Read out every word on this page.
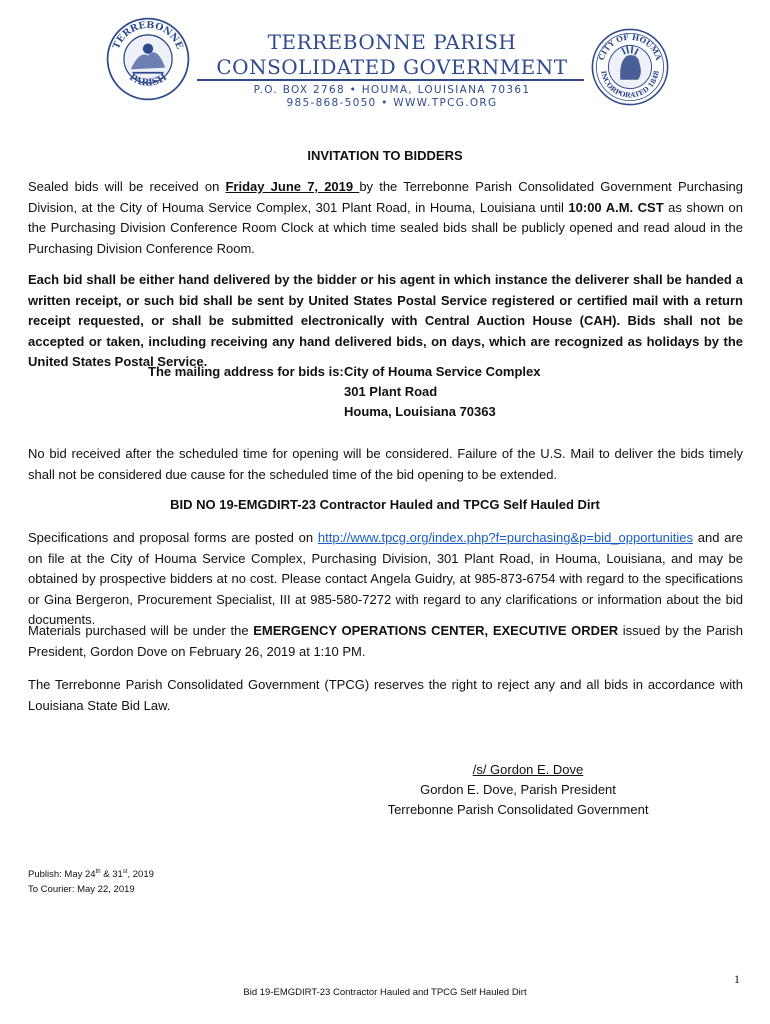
TERREBONNE
PARISH
TERREBONNE PARISH
CONSOLIDATED GOVERNMENT
P.O. BOX 2768 • HOUMA, LOUISIANA 70361
985-868-5050 • WWW.TPCG.ORG
CITY OF HOUMA
INCORPORATED 1848
INVITATION TO BIDDERS
Sealed bids will be received on Friday June 7, 2019 by the Terrebonne Parish Consolidated Government Purchasing Division, at the City of Houma Service Complex, 301 Plant Road, in Houma, Louisiana until 10:00 A.M. CST as shown on the Purchasing Division Conference Room Clock at which time sealed bids shall be publicly opened and read aloud in the Purchasing Division Conference Room.
Each bid shall be either hand delivered by the bidder or his agent in which instance the deliverer shall be handed a written receipt, or such bid shall be sent by United States Postal Service registered or certified mail with a return receipt requested, or shall be submitted electronically with Central Auction House (CAH). Bids shall not be accepted or taken, including receiving any hand delivered bids, on days, which are recognized as holidays by the United States Postal Service.
The mailing address for bids is: City of Houma Service Complex
301 Plant Road
Houma, Louisiana 70363
No bid received after the scheduled time for opening will be considered. Failure of the U.S. Mail to deliver the bids timely shall not be considered due cause for the scheduled time of the bid opening to be extended.
BID NO 19-EMGDIRT-23 Contractor Hauled and TPCG Self Hauled Dirt
Specifications and proposal forms are posted on http://www.tpcg.org/index.php?f=purchasing&p=bid_opportunities and are on file at the City of Houma Service Complex, Purchasing Division, 301 Plant Road, in Houma, Louisiana, and may be obtained by prospective bidders at no cost. Please contact Angela Guidry, at 985-873-6754 with regard to the specifications or Gina Bergeron, Procurement Specialist, III at 985-580-7272 with regard to any clarifications or information about the bid documents.
Materials purchased will be under the EMERGENCY OPERATIONS CENTER, EXECUTIVE ORDER issued by the Parish President, Gordon Dove on February 26, 2019 at 1:10 PM.
The Terrebonne Parish Consolidated Government (TPCG) reserves the right to reject any and all bids in accordance with Louisiana State Bid Law.
/s/ Gordon E. Dove
Gordon E. Dove, Parish President
Terrebonne Parish Consolidated Government
Publish: May 24th & 31st, 2019
To Courier: May 22, 2019
1
Bid 19-EMGDIRT-23 Contractor Hauled and TPCG Self Hauled Dirt
